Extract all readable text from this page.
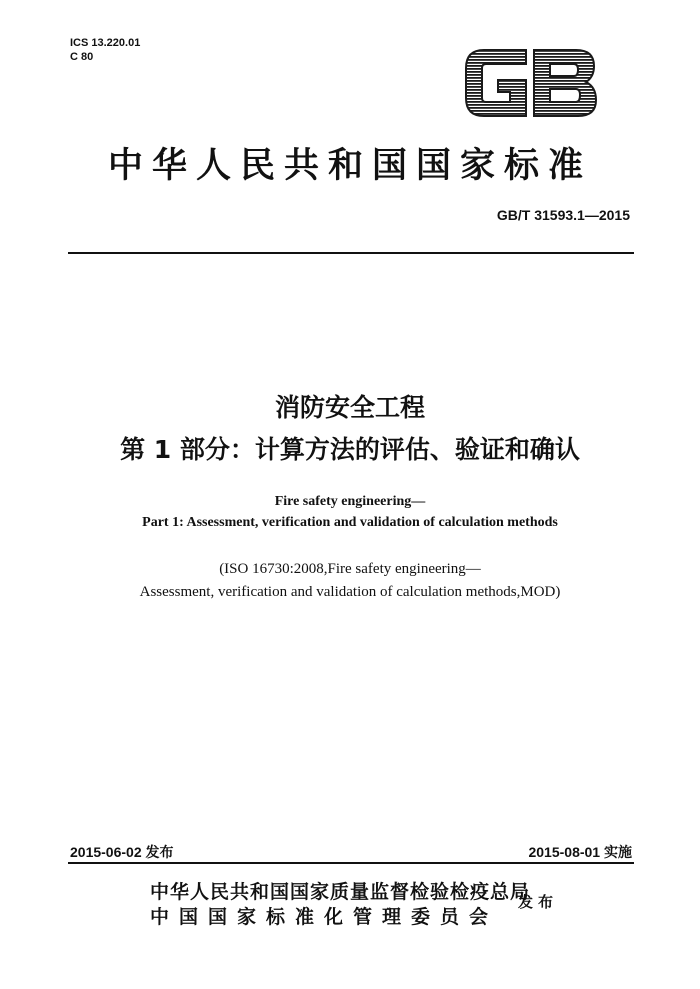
ICS 13.220.01
C 80
中华人民共和国国家标准
GB/T 31593.1—2015
消防安全工程
第 1 部分：计算方法的评估、验证和确认
Fire safety engineering—
Part 1: Assessment, verification and validation of calculation methods
(ISO 16730:2008,Fire safety engineering—
Assessment, verification and validation of calculation methods,MOD)
2015-06-02 发布	2015-08-01 实施
中华人民共和国国家质量监督检验检疫总局
中国国家标准化管理委员会
发布
